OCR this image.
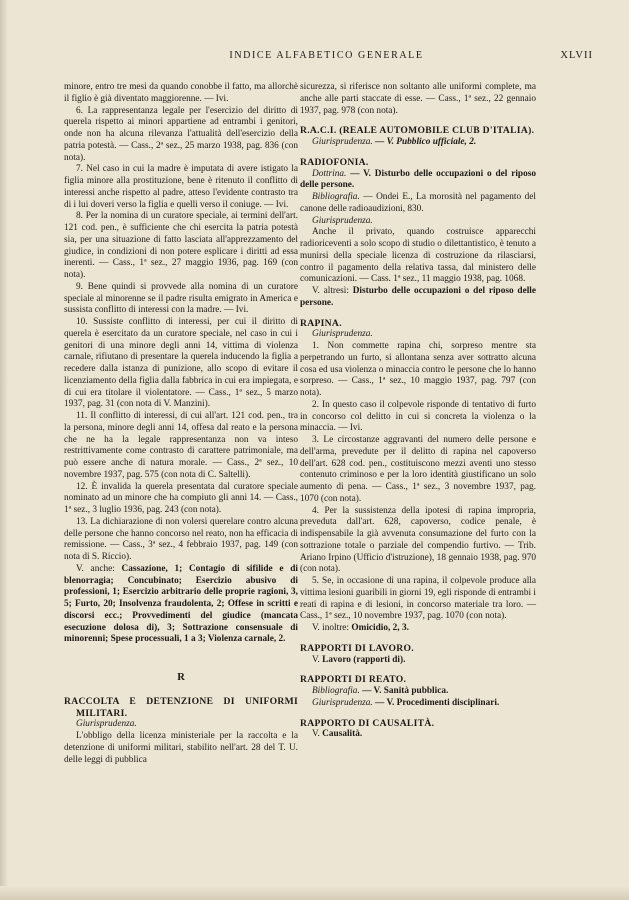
INDICE ALFABETICO GENERALE	XLVII

minore, entro tre mesi da quando conobbe il fatto, ma allorchè il figlio è già diventato maggiorenne. — Ivi.

6. La rappresentanza legale per l'esercizio del diritto di querela rispetto ai minori appartiene ad entrambi i genitori, onde non ha alcuna rilevanza l'attualità dell'esercizio della patria potestà. — Cass., 2ª sez., 25 marzo 1938, pag. 836 (con nota).

7. Nel caso in cui la madre è imputata di avere istigato la figlia minore alla prostituzione, bene è ritenuto il conflitto di interessi anche rispetto al padre, atteso l'evidente contrasto tra di i lui doveri verso la figlia e quelli verso il coniuge. — Ivi.

8. Per la nomina di un curatore speciale, ai termini dell'art. 121 cod. pen., è sufficiente che chi esercita la patria potestà sia, per una situazione di fatto lasciata all'apprezzamento del giudice, in condizioni di non potere esplicare i diritti ad essa inerenti. — Cass., 1ª sez., 27 maggio 1936, pag. 169 (con nota).

9. Bene quindi si provvede alla nomina di un curatore speciale al minorenne se il padre risulta emigrato in America e sussista conflitto di interessi con la madre. — Ivi.

10. Sussiste conflitto di interessi, per cui il diritto di querela è esercitato da un curatore speciale, nel caso in cui i genitori di una minore degli anni 14, vittima di violenza carnale, rifiutano di presentare la querela inducendo la figlia a recedere dalla istanza di punizione, allo scopo di evitare il licenziamento della figlia dalla fabbrica in cui era impiegata, e di cui era titolare il violentatore. — Cass., 1ª sez., 5 marzo 1937, pag. 31 (con nota di V. Manzini).

11. Il conflitto di interessi, di cui all'art. 121 cod. pen., tra la persona, minore degli anni 14, offesa dal reato e la persona che ne ha la legale rappresentanza non va inteso restrittivamente come contrasto di carattere patrimoniale, ma può essere anche di natura morale. — Cass., 2ª sez., 10 novembre 1937, pag. 575 (con nota di C. Saltelli).

12. È invalida la querela presentata dal curatore speciale nominato ad un minore che ha compiuto gli anni 14. — Cass., 1ª sez., 3 luglio 1936, pag. 243 (con nota).

13. La dichiarazione di non volersi querelare contro alcuna delle persone che hanno concorso nel reato, non ha efficacia di remissione. — Cass., 3ª sez., 4 febbraio 1937, pag. 149 (con nota di S. Riccio).

V. anche: Cassazione, 1; Contagio di sifilide e di blenorragia; Concubinato; Esercizio abusivo di professioni, 1; Esercizio arbitrario delle proprie ragioni, 3, 5; Furto, 20; Insolvenza fraudolenta, 2; Offese in scritti e discorsi ecc.; Provvedimenti del giudice (mancata esecuzione dolosa di), 3; Sottrazione consensuale di minorenni; Spese processuali, 1 a 3; Violenza carnale, 2.

R
RACCOLTA E DETENZIONE DI UNIFORMI MILITARI.

Giurisprudenza.

L'obbligo della licenza ministeriale per la raccolta e la detenzione di uniformi militari, stabilito nell'art. 28 del T. U. delle leggi di pubblica

sicurezza, si riferisce non soltanto alle uniformi complete, ma anche alle parti staccate di esse. — Cass., 1ª sez., 22 gennaio 1937, pag. 978 (con nota).

R.A.C.I. (REALE AUTOMOBILE CLUB D'ITALIA).

Giurisprudenza. — V. Pubblico ufficiale, 2.

RADIOFONIA.

Dottrina. — V. Disturbo delle occupazioni o del riposo delle persone.

Bibliografia. — Ondei E., La morosità nel pagamento del canone delle radioaudizioni, 830.

Giurisprudenza.

Anche il privato, quando costruisce apparecchi radioriceventi a solo scopo di studio o dilettantistico, è tenuto a munirsi della speciale licenza di costruzione da rilasciarsi, contro il pagamento della relativa tassa, dal ministero delle comunicazioni. — Cass. 1ª sez., 11 maggio 1938, pag. 1068.

V. altresì: Disturbo delle occupazioni o del riposo delle persone.

RAPINA.

Giurisprudenza.

1. Non commette rapina chi, sorpreso mentre sta perpetrando un furto, si allontana senza aver sottratto alcuna cosa ed usa violenza o minaccia contro le persone che lo hanno sorpreso. — Cass., 1ª sez., 10 maggio 1937, pag. 797 (con nota).

2. In questo caso il colpevole risponde di tentativo di furto in concorso col delitto in cui si concreta la violenza o la minaccia. — Ivi.

3. Le circostanze aggravanti del numero delle persone e dell'arma, prevedute per il delitto di rapina nel capoverso dell'art. 628 cod. pen., costituiscono mezzi aventi uno stesso contenuto criminoso e per la loro identità giustificano un solo aumento di pena. — Cass., 1ª sez., 3 novembre 1937, pag. 1070 (con nota).

4. Per la sussistenza della ipotesi di rapina impropria, preveduta dall'art. 628, capoverso, codice penale, è indispensabile la già avvenuta consumazione del furto con la sottrazione totale o parziale del compendio furtivo. — Trib. Ariano Irpino (Ufficio d'istruzione), 18 gennaio 1938, pag. 970 (con nota).

5. Se, in occasione di una rapina, il colpevole produce alla vittima lesioni guaribili in giorni 19, egli risponde di entrambi i reati di rapina e di lesioni, in concorso materiale tra loro. — Cass., 1ª sez., 10 novembre 1937, pag. 1070 (con nota).

V. inoltre: Omicidio, 2, 3.

RAPPORTI DI LAVORO.

V. Lavoro (rapporti di).

RAPPORTI DI REATO.

Bibliografia. — V. Sanità pubblica.

Giurisprudenza. — V. Procedimenti disciplinari.

RAPPORTO DI CAUSALITÀ.

V. Causalità.
